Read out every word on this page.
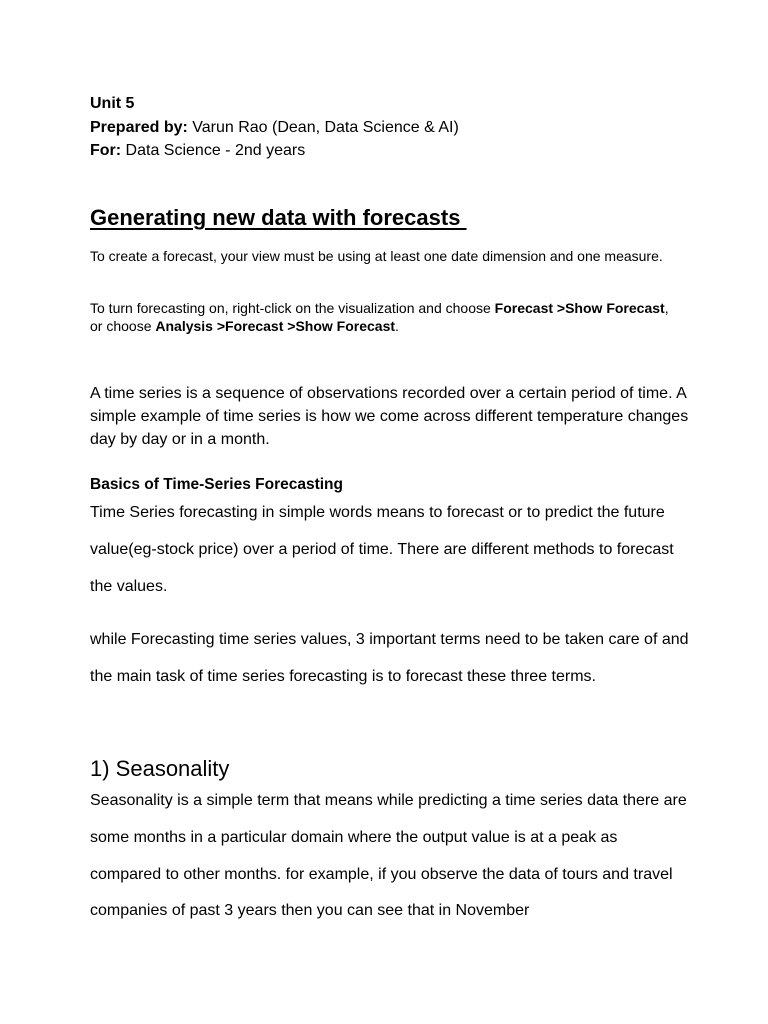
Unit 5

Prepared by: Varun Rao (Dean, Data Science & AI)

For: Data Science - 2nd years

Generating new data with forecasts

To create a forecast, your view must be using at least one date dimension and one measure.

To turn forecasting on, right-click on the visualization and choose Forecast >Show Forecast, or choose Analysis >Forecast >Show Forecast.

A time series is a sequence of observations recorded over a certain period of time. A simple example of time series is how we come across different temperature changes day by day or in a month.

Basics of Time-Series Forecasting

Time Series forecasting in simple words means to forecast or to predict the future value(eg-stock price) over a period of time. There are different methods to forecast the values.

while Forecasting time series values, 3 important terms need to be taken care of and the main task of time series forecasting is to forecast these three terms.

1) Seasonality

Seasonality is a simple term that means while predicting a time series data there are some months in a particular domain where the output value is at a peak as compared to other months. for example, if you observe the data of tours and travel companies of past 3 years then you can see that in November
